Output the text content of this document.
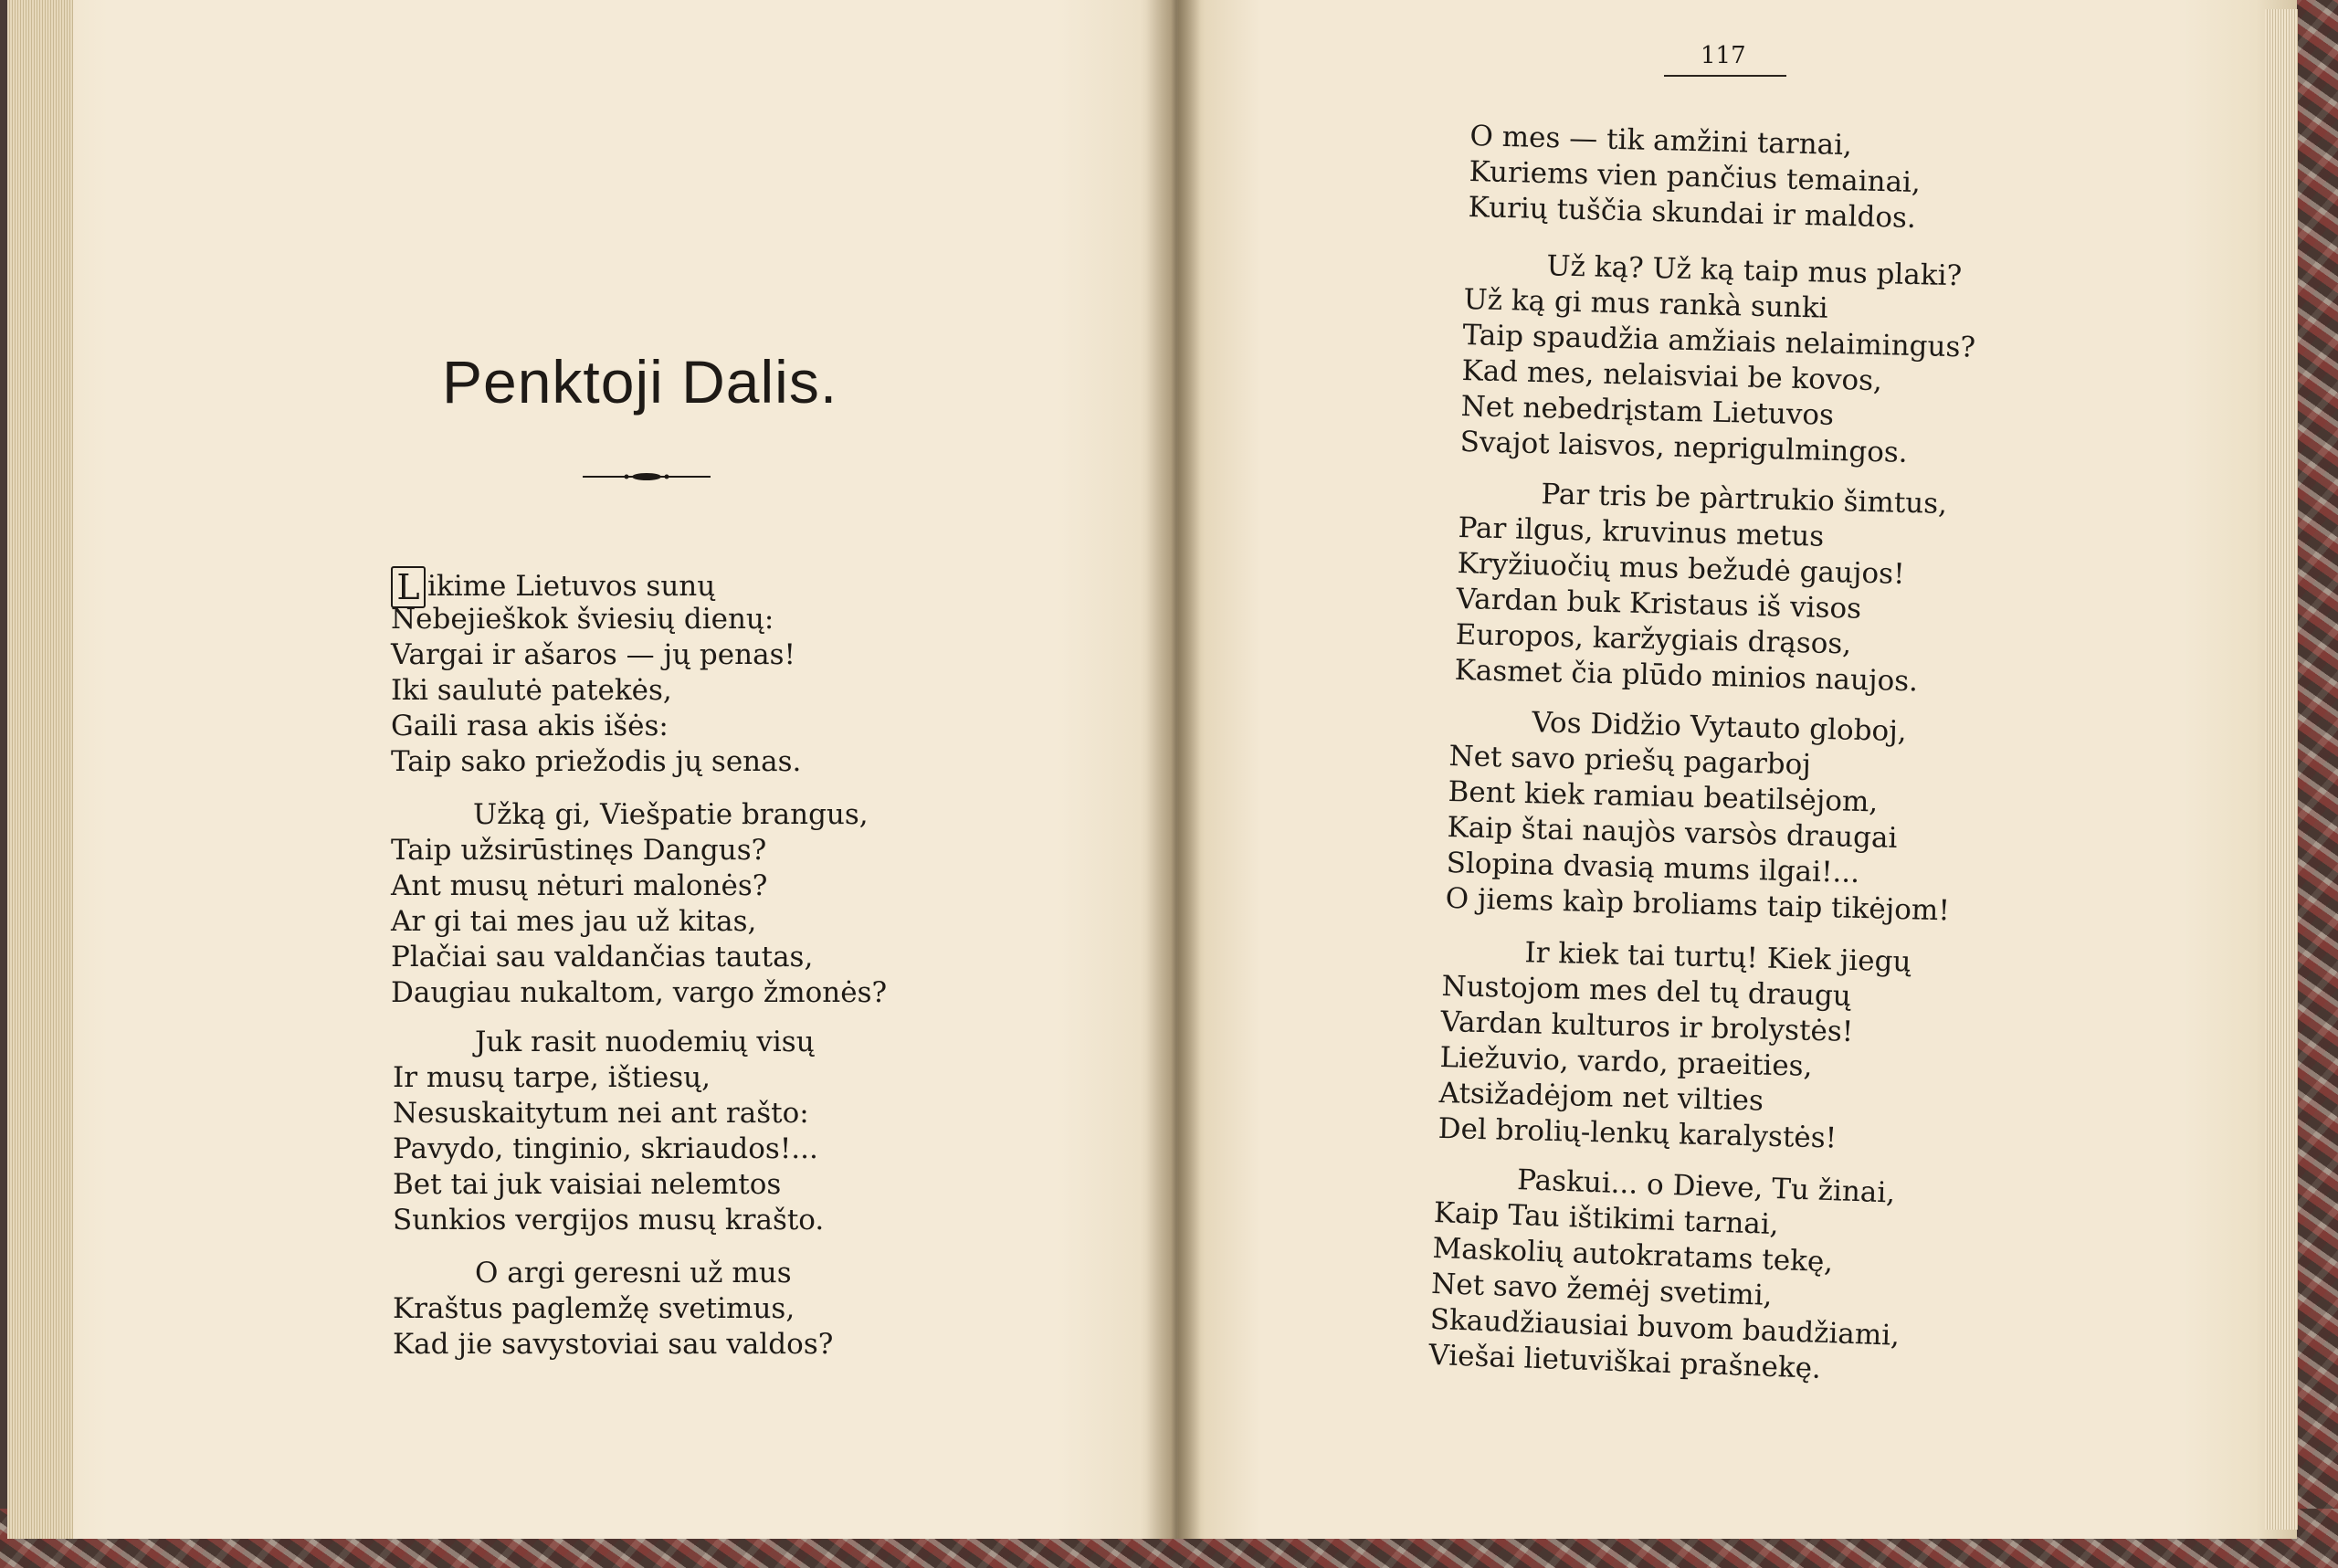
Penktoji Dalis.
L ikime Lietuvos sunų
Nebejieškok šviesių dienų:
Vargai ir ašaros — jų penas!
Iki saulutė patekės,
Gaili rasa akis išės:
Taip sako priežodis jų senas.
Užką gi, Viešpatie brangus,
Taip užsirūstinęs Dangus?
Ant musų nėturi malonės?
Ar gi tai mes jau už kitas,
Plačiai sau valdančias tautas,
Daugiau nukaltom, vargo žmonės?
Juk rasit nuodemių visų
Ir musų tarpe, ištiesų,
Nesuskaitytum nei ant rašto:
Pavydo, tinginio, skriaudos!...
Bet tai juk vaisiai nelemtos
Sunkios vergijos musų krašto.
O argi geresni už mus
Kraštus paglemžę svetimus,
Kad jie savystoviai sau valdos?
117
O mes — tik amžini tarnai,
Kuriems vien pančius temainai,
Kurių tuščia skundai ir maldos.
Už ką? Už ką taip mus plaki?
Už ką gi mus rankà sunki
Taip spaudžia amžiais nelaimingus?
Kad mes, nelaisviai be kovos,
Net nebedrįstam Lietuvos
Svajot laisvos, neprigulmingos.
Par tris be pàrtrukio šimtus,
Par ilgus, kruvinus metus
Kryžiuočių mus bežudė gaujos!
Vardan buk Kristaus iš visos
Europos, karžygiais drąsos,
Kasmet čia plūdo minios naujos.
Vos Didžio Vytauto globoj,
Net savo priešų pagarboj
Bent kiek ramiau beatilsėjom,
Kaip štai naujòs varsòs draugai
Slopina dvasią mums ilgai!...
O jiems kaìp broliams taip tikėjom!
Ir kiek tai turtų! Kiek jiegų
Nustojom mes del tų draugų
Vardan kulturos ir brolystės!
Liežuvio, vardo, praeities,
Atsižadėjom net vilties
Del brolių-lenkų karalystės!
Paskui... o Dieve, Tu žinai,
Kaip Tau ištikimi tarnai,
Maskolių autokratams tekę,
Net savo žemėj svetimi,
Skaudžiausiai buvom baudžiami,
Viešai lietuviškai prašnekę.
